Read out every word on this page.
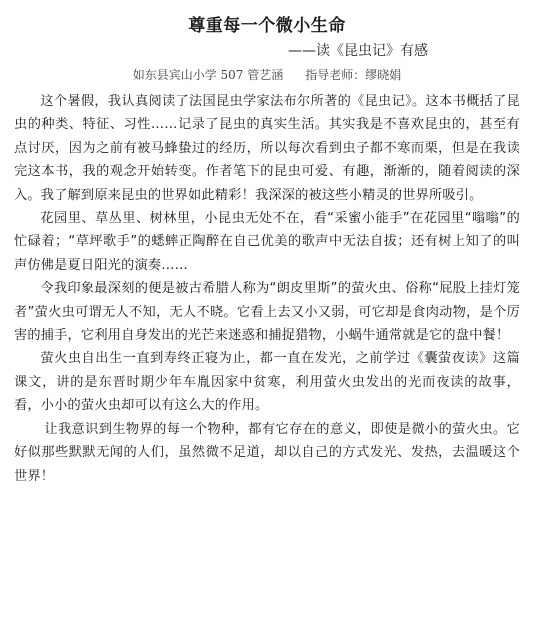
尊重每一个微小生命
——读《昆虫记》有感
如东县宾山小学 507 管艺涵 指导老师：缪晓娟

这个暑假，我认真阅读了法国昆虫学家法布尔所著的《昆虫记》。这本书概括了昆虫的种类、特征、习性……记录了昆虫的真实生活。其实我是不喜欢昆虫的，甚至有点讨厌，因为之前有被马蜂蛰过的经历，所以每次看到虫子都不寒而栗，但是在我读完这本书，我的观念开始转变。作者笔下的昆虫可爱、有趣，渐渐的，随着阅读的深入。我了解到原来昆虫的世界如此精彩！我深深的被这些小精灵的世界所吸引。

花园里、草丛里、树林里，小昆虫无处不在，看“采蜜小能手”在花园里“嗡嗡”的忙碌着；“草坪歌手”的蟋蟀正陶醉在自己优美的歌声中无法自拔；还有树上知了的叫声仿佛是夏日阳光的演奏……

令我印象最深刻的便是被古希腊人称为“朗皮里斯”的萤火虫、俗称“屁股上挂灯笼者”萤火虫可谓无人不知，无人不晓。它看上去又小又弱，可它却是食肉动物，是个厉害的捕手，它利用自身发出的光芒来迷惑和捕捉猎物，小蜗牛通常就是它的盘中餐！

萤火虫自出生一直到寿终正寝为止，都一直在发光，之前学过《囊萤夜读》这篇课文，讲的是东晋时期少年车胤因家中贫寒，利用萤火虫发出的光而夜读的故事，看，小小的萤火虫却可以有这么大的作用。

让我意识到生物界的每一个物种，都有它存在的意义，即使是微小的萤火虫。它好似那些默默无闻的人们，虽然微不足道，却以自己的方式发光、发热，去温暖这个世界！
